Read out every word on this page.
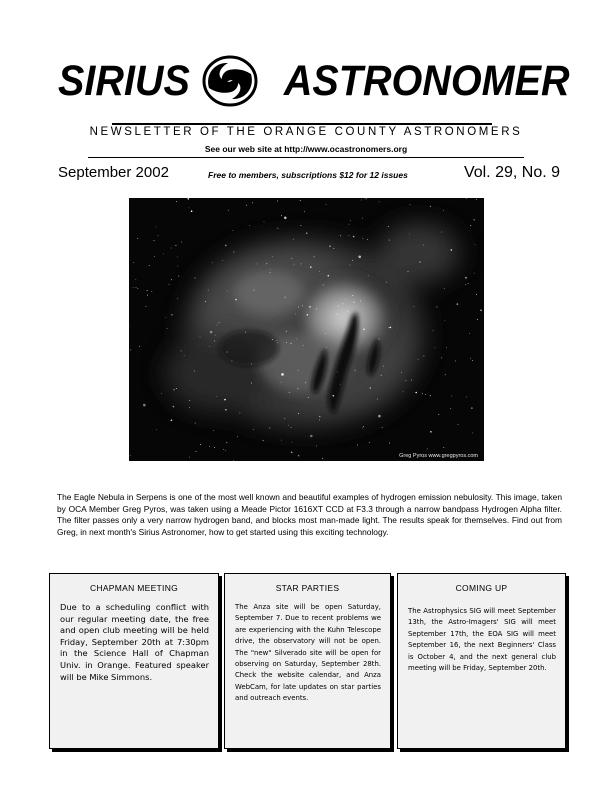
SIRIUS ASTRONOMER
NEWSLETTER OF THE ORANGE COUNTY ASTRONOMERS
See our web site at http://www.ocastronomers.org
September 2002	Free to members, subscriptions $12 for 12 issues	Vol. 29, No. 9
Greg Pyros www.gregpyros.com
The Eagle Nebula in Serpens is one of the most well known and beautiful examples of hydrogen emission nebulosity. This image, taken by OCA Member Greg Pyros, was taken using a Meade Pictor 1616XT CCD at F3.3 through a narrow bandpass Hydrogen Alpha filter. The filter passes only a very narrow hydrogen band, and blocks most man-made light. The results speak for themselves. Find out from Greg, in next month's Sirius Astronomer, how to get started using this exciting technology.
CHAPMAN MEETING
Due to a scheduling conflict with our regular meeting date, the free and open club meeting will be held Friday, September 20th at 7:30pm in the Science Hall of Chapman Univ. in Orange. Featured speaker will be Mike Simmons.
STAR PARTIES
The Anza site will be open Saturday, September 7. Due to recent problems we are experiencing with the Kuhn Telescope drive, the observatory will not be open. The "new" Silverado site will be open for observing on Saturday, September 28th. Check the website calendar, and Anza WebCam, for late updates on star parties and outreach events.
COMING UP
The Astrophysics SIG will meet September 13th, the Astro-Imagers' SIG will meet September 17th, the EOA SIG will meet September 16, the next Beginners' Class is October 4, and the next general club meeting will be Friday, September 20th.
